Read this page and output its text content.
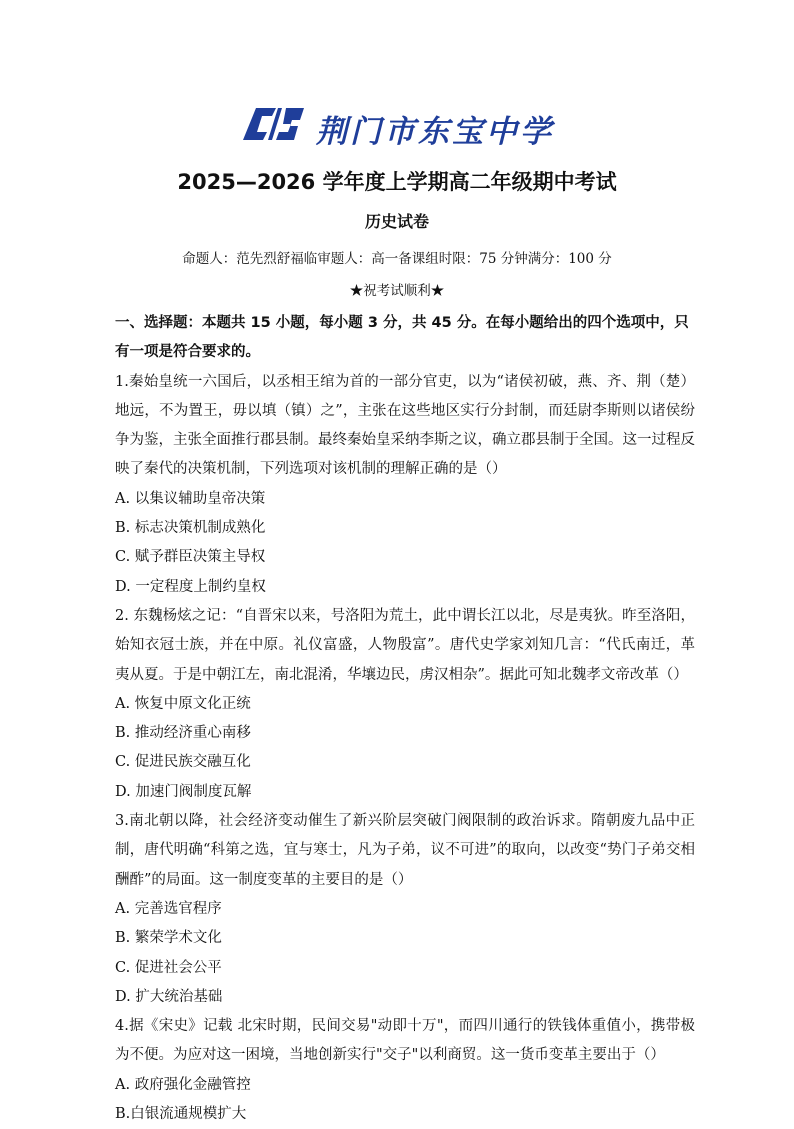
荆门市东宝中学
2025—2026 学年度上学期高二年级期中考试
历史试卷
命题人：范先烈舒福临审题人：高一备课组时限：75 分钟满分：100 分
★祝考试顺利★
一、选择题：本题共 15 小题，每小题 3 分，共 45 分。在每小题给出的四个选项中，只有一项是符合要求的。
1.秦始皇统一六国后，以丞相王绾为首的一部分官吏，以为“诸侯初破，燕、齐、荆（楚）地远，不为置王，毋以填（镇）之”，主张在这些地区实行分封制，而廷尉李斯则以诸侯纷争为鉴，主张全面推行郡县制。最终秦始皇采纳李斯之议，确立郡县制于全国。这一过程反映了秦代的决策机制，下列选项对该机制的理解正确的是（）
A. 以集议辅助皇帝决策
B. 标志决策机制成熟化
C. 赋予群臣决策主导权
D. 一定程度上制约皇权
2. 东魏杨炫之记：“自晋宋以来，号洛阳为荒土，此中谓长江以北，尽是夷狄。昨至洛阳，始知衣冠士族，并在中原。礼仪富盛，人物殷富”。唐代史学家刘知几言：“代氏南迁，革夷从夏。于是中朝江左，南北混淆，华壤边民，虏汉相杂”。据此可知北魏孝文帝改革（）
A. 恢复中原文化正统
B. 推动经济重心南移
C. 促进民族交融互化
D. 加速门阀制度瓦解
3.南北朝以降，社会经济变动催生了新兴阶层突破门阀限制的政治诉求。隋朝废九品中正制，唐代明确“科第之选，宜与寒士，凡为子弟，议不可进”的取向，以改变“势门子弟交相酬酢”的局面。这一制度变革的主要目的是（）
A. 完善选官程序
B. 繁荣学术文化
C. 促进社会公平
D. 扩大统治基础
4.据《宋史》记载 北宋时期，民间交易"动即十万"，而四川通行的铁钱体重值小，携带极为不便。为应对这一困境，当地创新实行"交子"以利商贸。这一货币变革主要出于（）
A. 政府强化金融管控
B.白银流通规模扩大
